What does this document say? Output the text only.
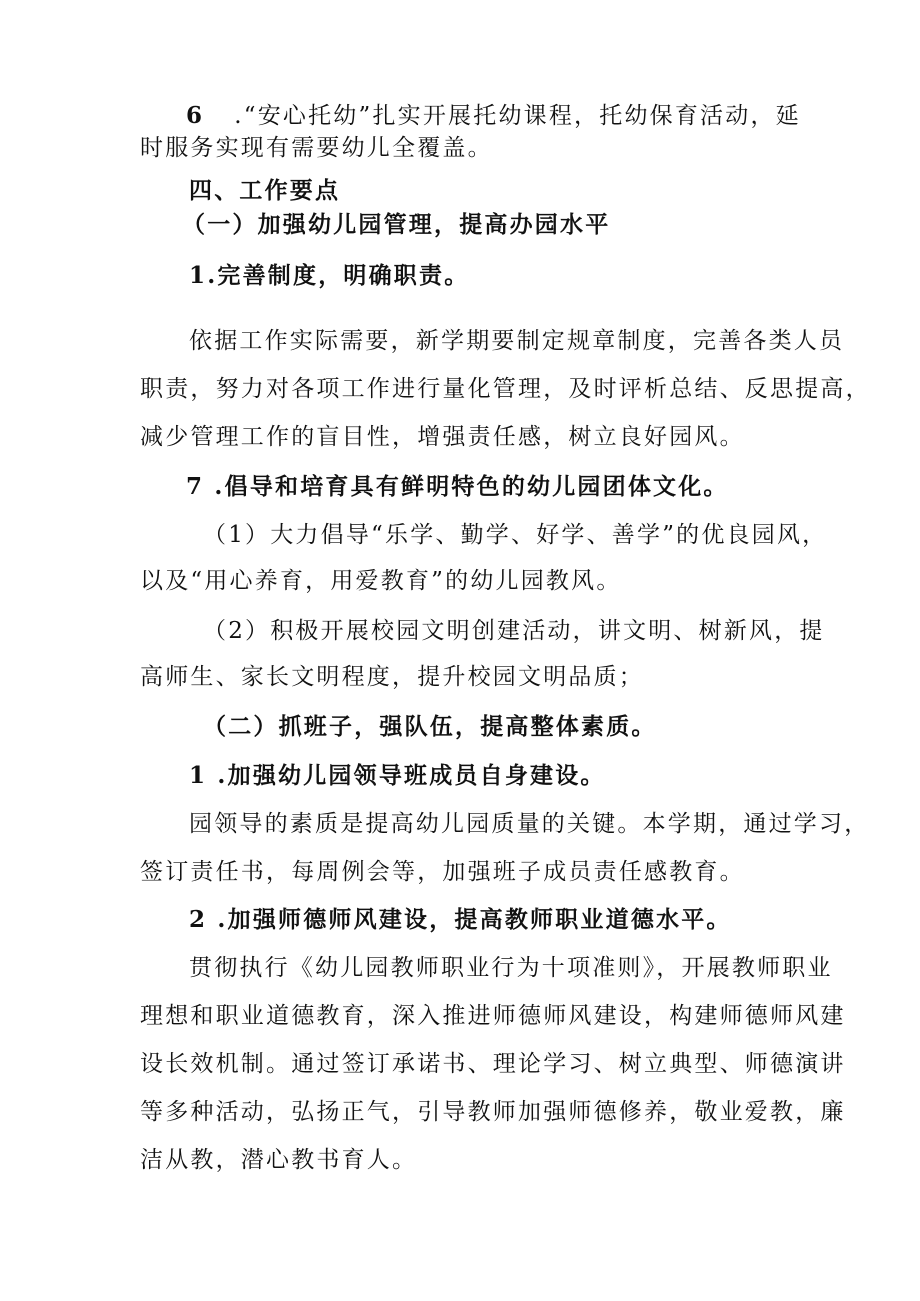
6 .“安心托幼”扎实开展托幼课程，托幼保育活动，延
时服务实现有需要幼儿全覆盖。
四、工作要点
（一）加强幼儿园管理，提高办园水平
1.完善制度，明确职责。
依据工作实际需要，新学期要制定规章制度，完善各类人员
职责，努力对各项工作进行量化管理，及时评析总结、反思提高，
减少管理工作的盲目性，增强责任感，树立良好园风。
7 .倡导和培育具有鲜明特色的幼儿园团体文化。
（1）大力倡导“乐学、勤学、好学、善学”的优良园风，
以及“用心养育，用爱教育”的幼儿园教风。
（2）积极开展校园文明创建活动，讲文明、树新风，提
高师生、家长文明程度，提升校园文明品质；
（二）抓班子，强队伍，提高整体素质。
1 .加强幼儿园领导班成员自身建设。
园领导的素质是提高幼儿园质量的关键。本学期，通过学习，
签订责任书，每周例会等，加强班子成员责任感教育。
2 .加强师德师风建设，提高教师职业道德水平。
贯彻执行《幼儿园教师职业行为十项准则》，开展教师职业
理想和职业道德教育，深入推进师德师风建设，构建师德师风建
设长效机制。通过签订承诺书、理论学习、树立典型、师德演讲
等多种活动，弘扬正气，引导教师加强师德修养，敬业爱教，廉
洁从教，潜心教书育人。
